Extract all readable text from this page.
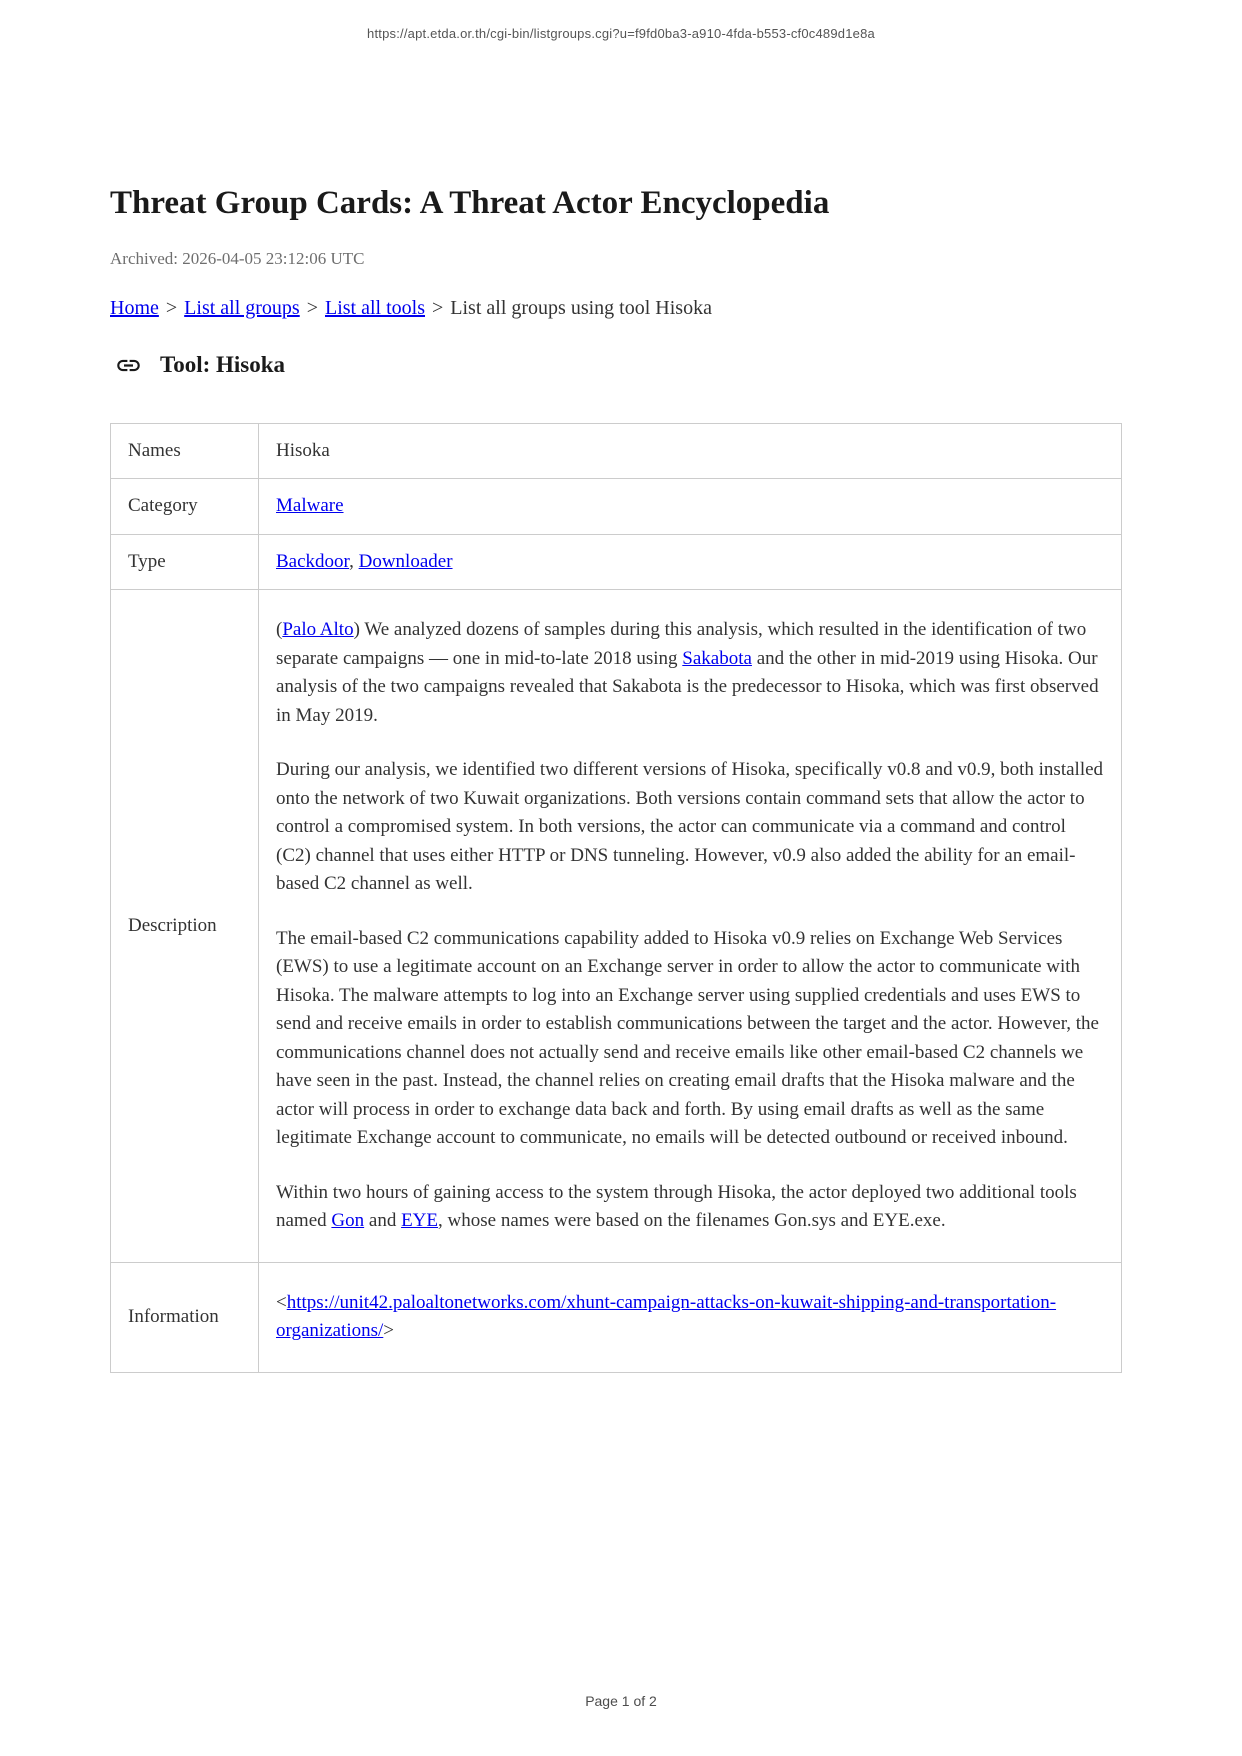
https://apt.etda.or.th/cgi-bin/listgroups.cgi?u=f9fd0ba3-a910-4fda-b553-cf0c489d1e8a
Threat Group Cards: A Threat Actor Encyclopedia
Archived: 2026-04-05 23:12:06 UTC
Home > List all groups > List all tools > List all groups using tool Hisoka
Tool: Hisoka
Names	Hisoka
Category	Malware
Type	Backdoor, Downloader
Description	(Palo Alto) We analyzed dozens of samples during this analysis, which resulted in the identification of two separate campaigns — one in mid-to-late 2018 using Sakabota and the other in mid-2019 using Hisoka. Our analysis of the two campaigns revealed that Sakabota is the predecessor to Hisoka, which was first observed in May 2019.

During our analysis, we identified two different versions of Hisoka, specifically v0.8 and v0.9, both installed onto the network of two Kuwait organizations. Both versions contain command sets that allow the actor to control a compromised system. In both versions, the actor can communicate via a command and control (C2) channel that uses either HTTP or DNS tunneling. However, v0.9 also added the ability for an email-based C2 channel as well.

The email-based C2 communications capability added to Hisoka v0.9 relies on Exchange Web Services (EWS) to use a legitimate account on an Exchange server in order to allow the actor to communicate with Hisoka. The malware attempts to log into an Exchange server using supplied credentials and uses EWS to send and receive emails in order to establish communications between the target and the actor. However, the communications channel does not actually send and receive emails like other email-based C2 channels we have seen in the past. Instead, the channel relies on creating email drafts that the Hisoka malware and the actor will process in order to exchange data back and forth. By using email drafts as well as the same legitimate Exchange account to communicate, no emails will be detected outbound or received inbound.

Within two hours of gaining access to the system through Hisoka, the actor deployed two additional tools named Gon and EYE, whose names were based on the filenames Gon.sys and EYE.exe.

Information	<https://unit42.paloaltonetworks.com/xhunt-campaign-attacks-on-kuwait-shipping-and-transportation-organizations/>

Page 1 of 2
